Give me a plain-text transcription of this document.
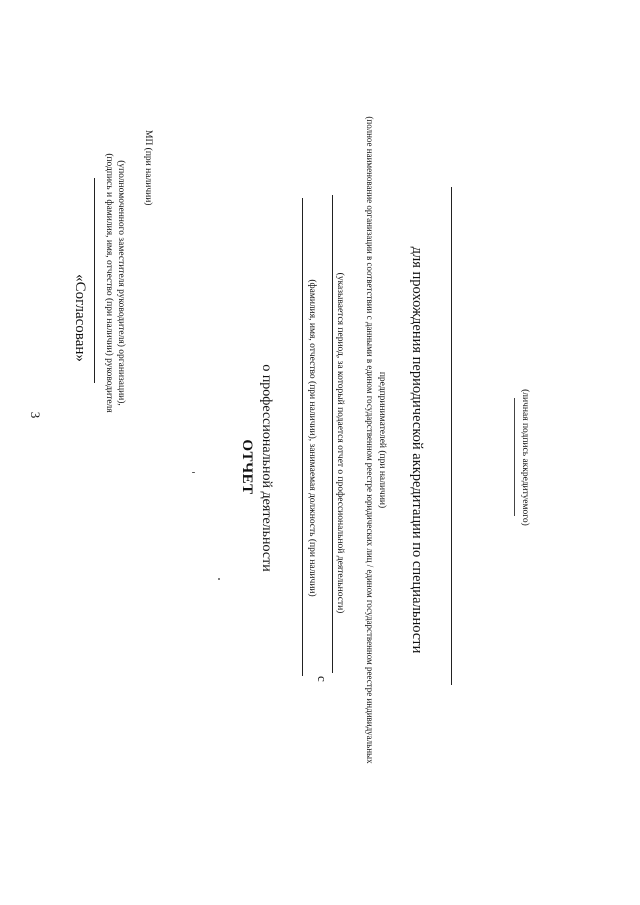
3
«Согласован» (подпись и фамилия, имя, отчество (при наличии) руководителя (уполномоченного заместителя руководителя) организации), МП (при наличии)
ОТЧЕТ о профессиональной деятельности	(фамилия, имя, отчество (при наличии), занимаемая должность (при наличии)
с
(указывается период, за который подается отчет о профессиональной деятельности) (полное наименование организации в соответствии с данными в едином государственном реестре юридических лиц / едином государственном реестре индивидуальных предпринимателей (при наличии) для прохождения периодической аккредитации по специальности	(личная подпись аккредитуемого)
